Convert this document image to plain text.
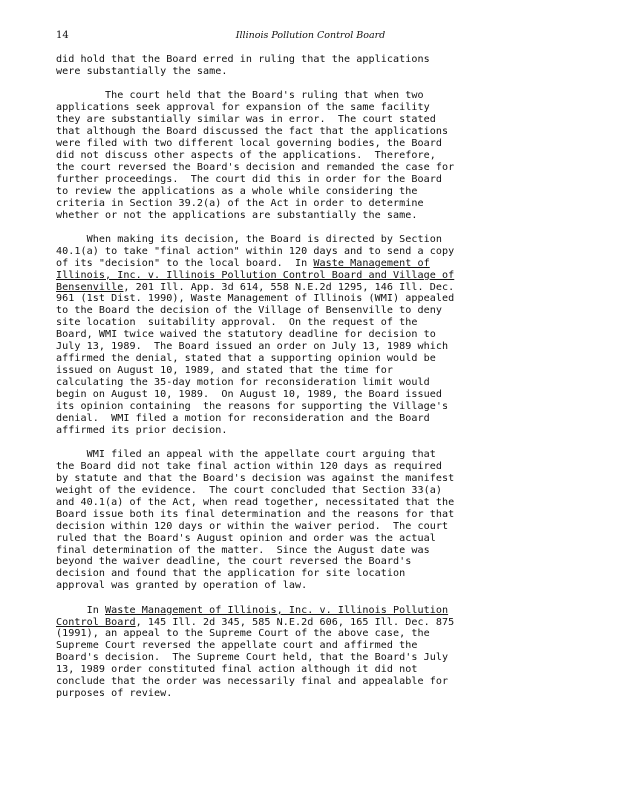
14	Illinois Pollution Control Board
did hold that the Board erred in ruling that the applications
were substantially the same.
The court held that the Board's ruling that when two
applications seek approval for expansion of the same facility
they are substantially similar was in error.  The court stated
that although the Board discussed the fact that the applications
were filed with two different local governing bodies, the Board
did not discuss other aspects of the applications.  Therefore,
the court reversed the Board's decision and remanded the case for
further proceedings.  The court did this in order for the Board
to review the applications as a whole while considering the
criteria in Section 39.2(a) of the Act in order to determine
whether or not the applications are substantially the same.
When making its decision, the Board is directed by Section
40.1(a) to take "final action" within 120 days and to send a copy
of its "decision" to the local board.  In Waste Management of
Illinois, Inc. v. Illinois Pollution Control Board and Village of
Bensenville, 201 Ill. App. 3d 614, 558 N.E.2d 1295, 146 Ill. Dec.
961 (1st Dist. 1990), Waste Management of Illinois (WMI) appealed
to the Board the decision of the Village of Bensenville to deny
site location  suitability approval.  On the request of the
Board, WMI twice waived the statutory deadline for decision to
July 13, 1989.  The Board issued an order on July 13, 1989 which
affirmed the denial, stated that a supporting opinion would be
issued on August 10, 1989, and stated that the time for
calculating the 35-day motion for reconsideration limit would
begin on August 10, 1989.  On August 10, 1989, the Board issued
its opinion containing  the reasons for supporting the Village's
denial.  WMI filed a motion for reconsideration and the Board
affirmed its prior decision.
WMI filed an appeal with the appellate court arguing that
the Board did not take final action within 120 days as required
by statute and that the Board's decision was against the manifest
weight of the evidence.  The court concluded that Section 33(a)
and 40.1(a) of the Act, when read together, necessitated that the
Board issue both its final determination and the reasons for that
decision within 120 days or within the waiver period.  The court
ruled that the Board's August opinion and order was the actual
final determination of the matter.  Since the August date was
beyond the waiver deadline, the court reversed the Board's
decision and found that the application for site location
approval was granted by operation of law.
In Waste Management of Illinois, Inc. v. Illinois Pollution
Control Board, 145 Ill. 2d 345, 585 N.E.2d 606, 165 Ill. Dec. 875
(1991), an appeal to the Supreme Court of the above case, the
Supreme Court reversed the appellate court and affirmed the
Board's decision.  The Supreme Court held, that the Board's July
13, 1989 order constituted final action although it did not
conclude that the order was necessarily final and appealable for
purposes of review.
